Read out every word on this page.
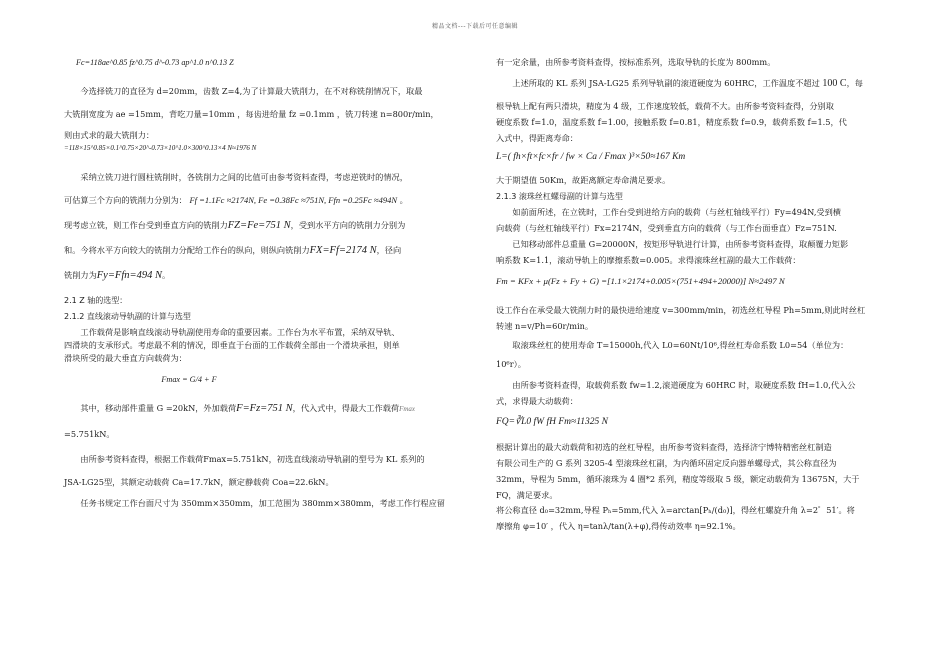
精品文档---下载后可任意编辑

Fc=118ae^0.85 fz^0.75 d^-0.73 ap^1.0 n^0.13 Z

今选择铣刀的直径为 d=20mm，齿数 Z=4,为了计算最大铣削力，在不对称铣削情况下，取最

大铣削宽度为 ae =15mm，背吃刀量=10mm ，每齿进给量 fz =0.1mm ，铣刀转速 n=800r/min，

则由式求的最大铣削力：

=118×15^0.85×0.1^0.75×20^-0.73×10^1.0×300^0.13×4 N≈1976 N

采纳立铣刀进行圆柱铣削时，各铣削力之间的比值可由参考资料查得，考虑逆铣时的情况，

可估算三个方向的铣削力分别为： Ff =1.1Fc ≈2174N, Fe =0.38Fc ≈751N, Ffn =0.25Fc ≈494N 。

现考虑立铣，则工作台受到垂直方向的铣削力FZ=Fe=751 N，受到水平方向的铣削力分别为

和。今将水平方向较大的铣削力分配给工作台的纵向，则纵向铣削力FX=Ff=2174 N，径向

铣削力为Fy=Ffn=494 N。

2.1 Z 轴的选型：

2.1.2 直线滚动导轨副的计算与选型

工作载荷是影响直线滚动导轨副使用寿命的重要因素。工作台为水平布置，采纳双导轨、

四滑块的支承形式。考虑最不利的情况，即垂直于台面的工作载荷全部由一个滑块承担，则单

滑块所受的最大垂直方向载荷为：

Fmax = G/4 + F

其中，移动部件重量 G =20kN，外加载荷F=Fz=751 N，代入式中，得最大工作载荷Fmax

=5.751kN。

由所参考资料查得，根据工作载荷Fmax=5.751kN，初选直线滚动导轨副的型号为 KL 系列的

JSA-LG25型，其额定动载荷 Ca=17.7kN，额定静载荷 Coa=22.6kN。

任务书规定工作台面尺寸为 350mm×350mm，加工范围为 380mm×380mm，考虑工作行程应留

有一定余量，由所参考资料查得，按标准系列，选取导轨的长度为 800mm。

上述所取的 KL 系列 JSA-LG25 系列导轨副的滚道硬度为 60HRC，工作温度不超过 100 C，每

根导轨上配有两只滑块，精度为 4 级，工作速度较低，载荷不大。由所参考资料查得，分别取

硬度系数 f=1.0，温度系数 f=1.00，接触系数 f=0.81，精度系数 f=0.9，载荷系数 f=1.5，代

入式中，得距离寿命：

L=( fh×ft×fc×fr / fw × Ca / Fmax )³×50≈167 Km

大于期望值 50Km，故距离额定寿命满足要求。

2.1.3 滚珠丝杠螺母副的计算与选型

如前面所述，在立铣时，工作台受到进给方向的载荷（与丝杠轴线平行）Fy=494N,受到横

向载荷（与丝杠轴线平行）Fx=2174N，受到垂直方向的载荷（与工作台面垂直）Fz=751N.

已知移动部件总重量 G=20000N，按矩形导轨进行计算，由所参考资料查得，取颠覆力矩影

响系数 K=1.1，滚动导轨上的摩擦系数=0.005。求得滚珠丝杠副的最大工作载荷：

Fm = KFx + μ(Fz + Fy + G) =[1.1×2174+0.005×(751+494+20000)] N≈2497 N

设工作台在承受最大铣削力时的最快进给速度 v=300mm/min，初选丝杠导程 Ph=5mm,则此时丝杠

转速 n=v/Ph=60r/min。

取滚珠丝杠的使用寿命 T=15000h,代入 L0=60Nt/10⁶,得丝杠寿命系数 L0=54（单位为：

10⁶r）。

由所参考资料查得，取载荷系数 fw=1.2,滚道硬度为 60HRC 时，取硬度系数 fH=1.0,代入公

式，求得最大动载荷：

FQ=∛L0 fW fH Fm≈11325 N

根据计算出的最大动载荷和初选的丝杠导程，由所参考资料查得，选择济宁博特精密丝杠制造

有限公司生产的 G 系列 3205-4 型滚珠丝杠副，为内循环固定反向器单螺母式，其公称直径为

32mm，导程为 5mm，循环滚珠为 4 圈*2 系列，精度等级取 5 级，额定动载荷为 13675N，大于

FQ，满足要求。

将公称直径 d₀=32mm,导程 Pₕ=5mm,代入 λ=arctan[Pₕ/(d₀)]，得丝杠螺旋升角 λ=2゜51′。将

摩擦角 φ=10′ ，代入 η=tanλ/tan(λ+φ),得传动效率 η=92.1%。
